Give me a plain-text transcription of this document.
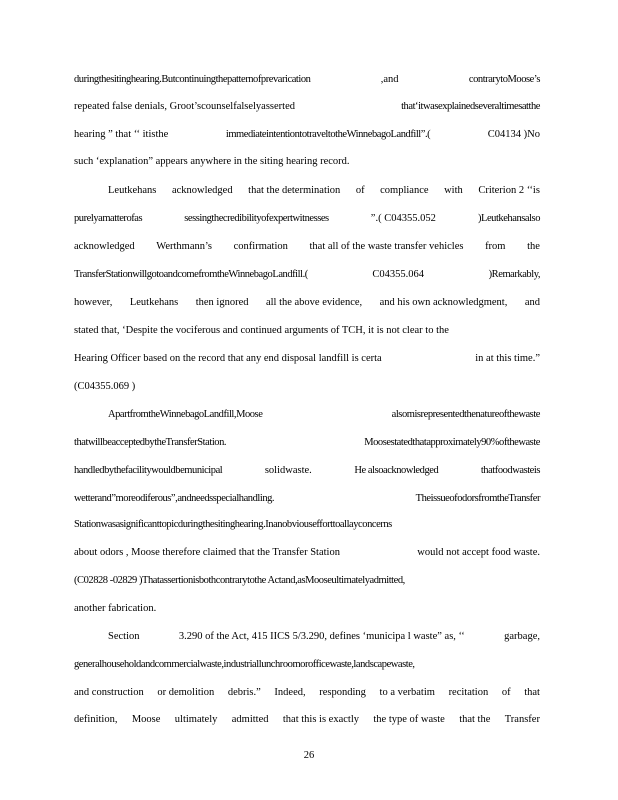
duringthesitinghearing.Butcontinuingthepatternofprevarication	,and	contrarytoMoose’s
repeated false denials, Groot’scounselfalselyasserted	that‘itwasexplainedseveraltimesatthe
hearing ” that ‘‘ itisthe	immediateintentiontotraveltotheWinnebagoLandfill”.(	C04134 )No
such ‘explanation” appears anywhere in the siting hearing record.
Leutkehans acknowledged that the determination of compliance with Criterion 2 ‘‘is
purelyamatterofas	sessingthecredibilityofexpertwitnesses	”.( C04355.052	)Leutkehansalso
acknowledged Werthmann’s confirmation that all of the waste transfer vehicles from the
TransferStationwillgotoandcomefromtheWinnebagoLandfill.(	C04355.064	)Remarkably,
however, Leutkehans then ignored all the above evidence, and his own acknowledgment, and
stated that, ‘Despite the vociferous and continued arguments of TCH, it is not clear to the
Hearing Officer based on the record that any end disposal landfill is certa	in at this time.”
(C04355.069 )
ApartfromtheWinnebagoLandfill,Moose	alsomisrepresentedthenatureofthewaste
thatwillbeacceptedbytheTransferStation.	Moosestatedthatapproximately90%ofthewaste
handledbythefacilitywouldbemunicipal	solidwaste.	He alsoacknowledged	thatfoodwasteis
wetterand”moreodiferous”,andneedsspecialhandling.	TheissueofodorsfromtheTransfer
Stationwasasignificanttopicduringthesitinghearing.Inanobviousefforttoallayconcerns
about odors , Moose therefore claimed that the Transfer Station	would not accept food waste.
(C02828 -02829 )Thatassertionisbothcontrarytothe Actand,asMooseultimatelyadmitted,
another fabrication.
Section	3.290 of the Act, 415 IICS 5/3.290, defines ‘municipa l waste” as, ‘‘	garbage,
generalhouseholdandcommercialwaste,industriallunchroomorofficewaste,landscapewaste,
and construction or demolition debris.” Indeed, responding to a verbatim recitation of that
definition, Moose ultimately admitted that this is exactly the type of waste that the Transfer
26
